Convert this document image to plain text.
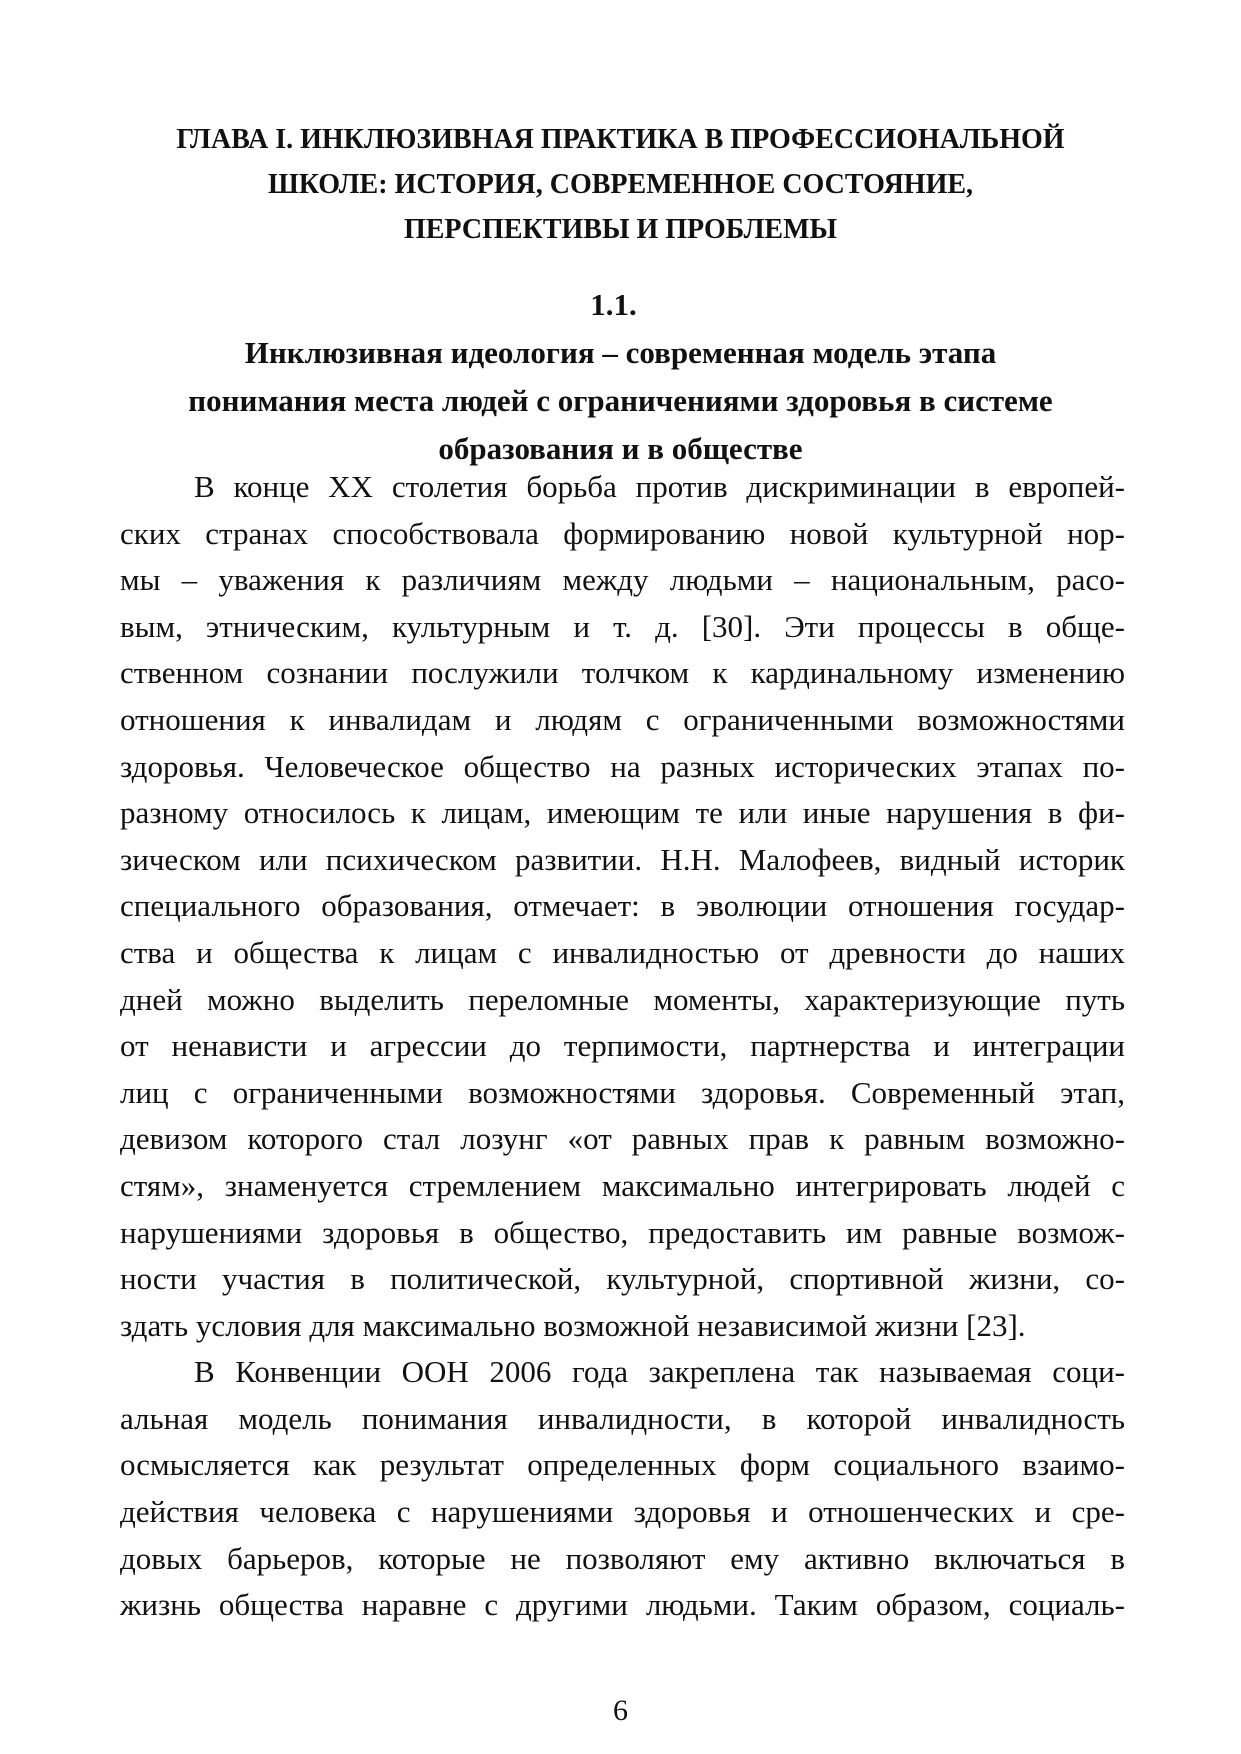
ГЛАВА I. ИНКЛЮЗИВНАЯ ПРАКТИКА В ПРОФЕССИОНАЛЬНОЙ
ШКОЛЕ: ИСТОРИЯ, СОВРЕМЕННОЕ СОСТОЯНИЕ,
ПЕРСПЕКТИВЫ И ПРОБЛЕМЫ
1.1.
Инклюзивная идеология – современная модель этапа
понимания места людей с ограничениями здоровья в системе
образования и в обществе
В конце XX столетия борьба против дискриминации в европей-
ских странах способствовала формированию новой культурной нор-
мы – уважения к различиям между людьми – национальным, расо-
вым, этническим, культурным и т. д. [30]. Эти процессы в обще-
ственном сознании послужили толчком к кардинальному изменению
отношения к инвалидам и людям с ограниченными возможностями
здоровья. Человеческое общество на разных исторических этапах по-
разному относилось к лицам, имеющим те или иные нарушения в фи-
зическом или психическом развитии. Н.Н. Малофеев, видный историк
специального образования, отмечает: в эволюции отношения государ-
ства и общества к лицам с инвалидностью от древности до наших
дней можно выделить переломные моменты, характеризующие путь
от ненависти и агрессии до терпимости, партнерства и интеграции
лиц с ограниченными возможностями здоровья. Современный этап,
девизом которого стал лозунг «от равных прав к равным возможно-
стям», знаменуется стремлением максимально интегрировать людей с
нарушениями здоровья в общество, предоставить им равные возмож-
ности участия в политической, культурной, спортивной жизни, со-
здать условия для максимально возможной независимой жизни [23].
В Конвенции ООН 2006 года закреплена так называемая соци-
альная модель понимания инвалидности, в которой инвалидность
осмысляется как результат определенных форм социального взаимо-
действия человека с нарушениями здоровья и отношенческих и сре-
довых барьеров, которые не позволяют ему активно включаться в
жизнь общества наравне с другими людьми. Таким образом, социаль-
6
